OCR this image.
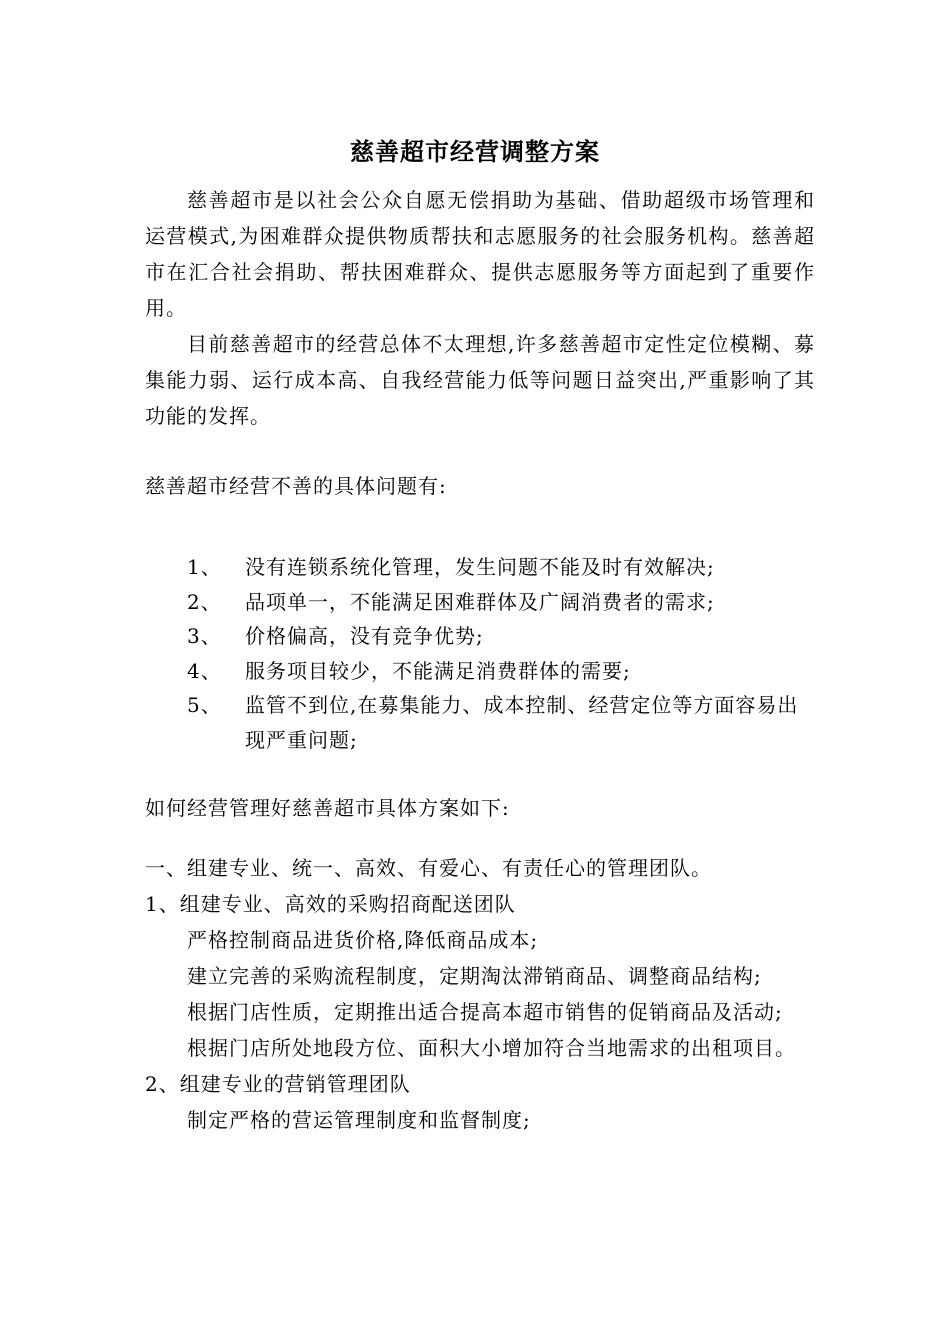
慈善超市经营调整方案

慈善超市是以社会公众自愿无偿捐助为基础、借助超级市场管理和运营模式,为困难群众提供物质帮扶和志愿服务的社会服务机构。慈善超市在汇合社会捐助、帮扶困难群众、提供志愿服务等方面起到了重要作用。

目前慈善超市的经营总体不太理想,许多慈善超市定性定位模糊、募集能力弱、运行成本高、自我经营能力低等问题日益突出,严重影响了其功能的发挥。

慈善超市经营不善的具体问题有:

1、	没有连锁系统化管理，发生问题不能及时有效解决;
2、	品项单一，不能满足困难群体及广阔消费者的需求;
3、	价格偏高，没有竞争优势;
4、	服务项目较少，不能满足消费群体的需要;
5、	监管不到位,在募集能力、成本控制、经营定位等方面容易出现严重问题;

如何经营管理好慈善超市具体方案如下:

一、组建专业、统一、高效、有爱心、有责任心的管理团队。

1、组建专业、高效的采购招商配送团队

严格控制商品进货价格,降低商品成本;

建立完善的采购流程制度，定期淘汰滞销商品、调整商品结构;

根据门店性质，定期推出适合提高本超市销售的促销商品及活动;

根据门店所处地段方位、面积大小增加符合当地需求的出租项目。

2、组建专业的营销管理团队

制定严格的营运管理制度和监督制度;
